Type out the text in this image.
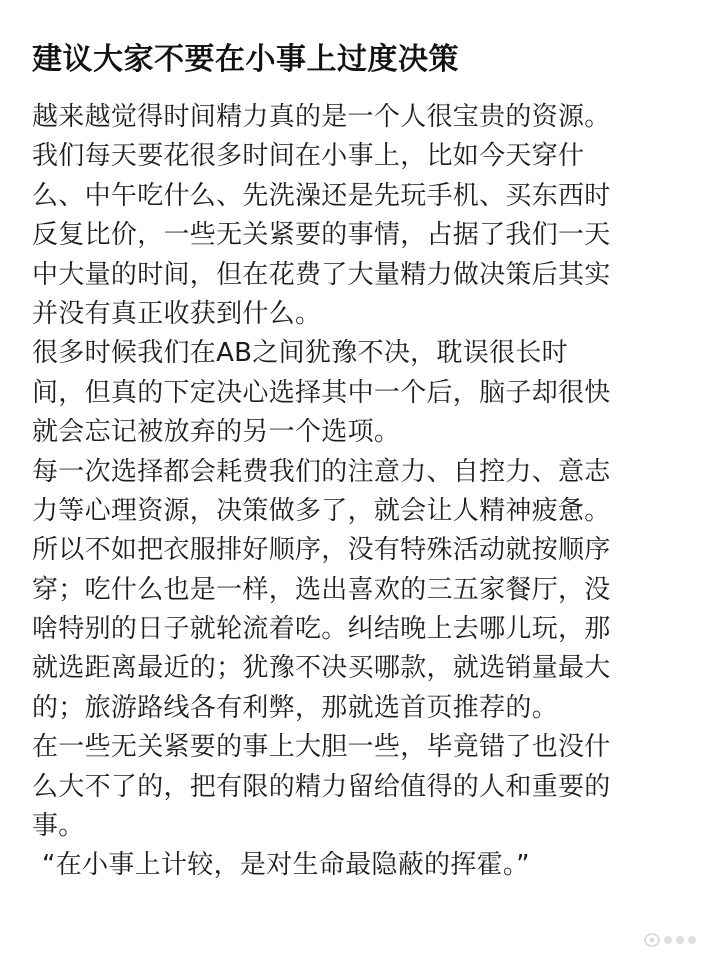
建议大家不要在小事上过度决策
越来越觉得时间精力真的是一个人很宝贵的资源。
我们每天要花很多时间在小事上，比如今天穿什
么、中午吃什么、先洗澡还是先玩手机、买东西时
反复比价，一些无关紧要的事情，占据了我们一天
中大量的时间，但在花费了大量精力做决策后其实
并没有真正收获到什么。
很多时候我们在AB之间犹豫不决，耽误很长时
间，但真的下定决心选择其中一个后，脑子却很快
就会忘记被放弃的另一个选项。
每一次选择都会耗费我们的注意力、自控力、意志
力等心理资源，决策做多了，就会让人精神疲惫。
所以不如把衣服排好顺序，没有特殊活动就按顺序
穿；吃什么也是一样，选出喜欢的三五家餐厅，没
啥特别的日子就轮流着吃。纠结晚上去哪儿玩，那
就选距离最近的；犹豫不决买哪款，就选销量最大
的；旅游路线各有利弊，那就选首页推荐的。
在一些无关紧要的事上大胆一些，毕竟错了也没什
么大不了的，把有限的精力留给值得的人和重要的
事。
“在小事上计较，是对生命最隐蔽的挥霍。”
